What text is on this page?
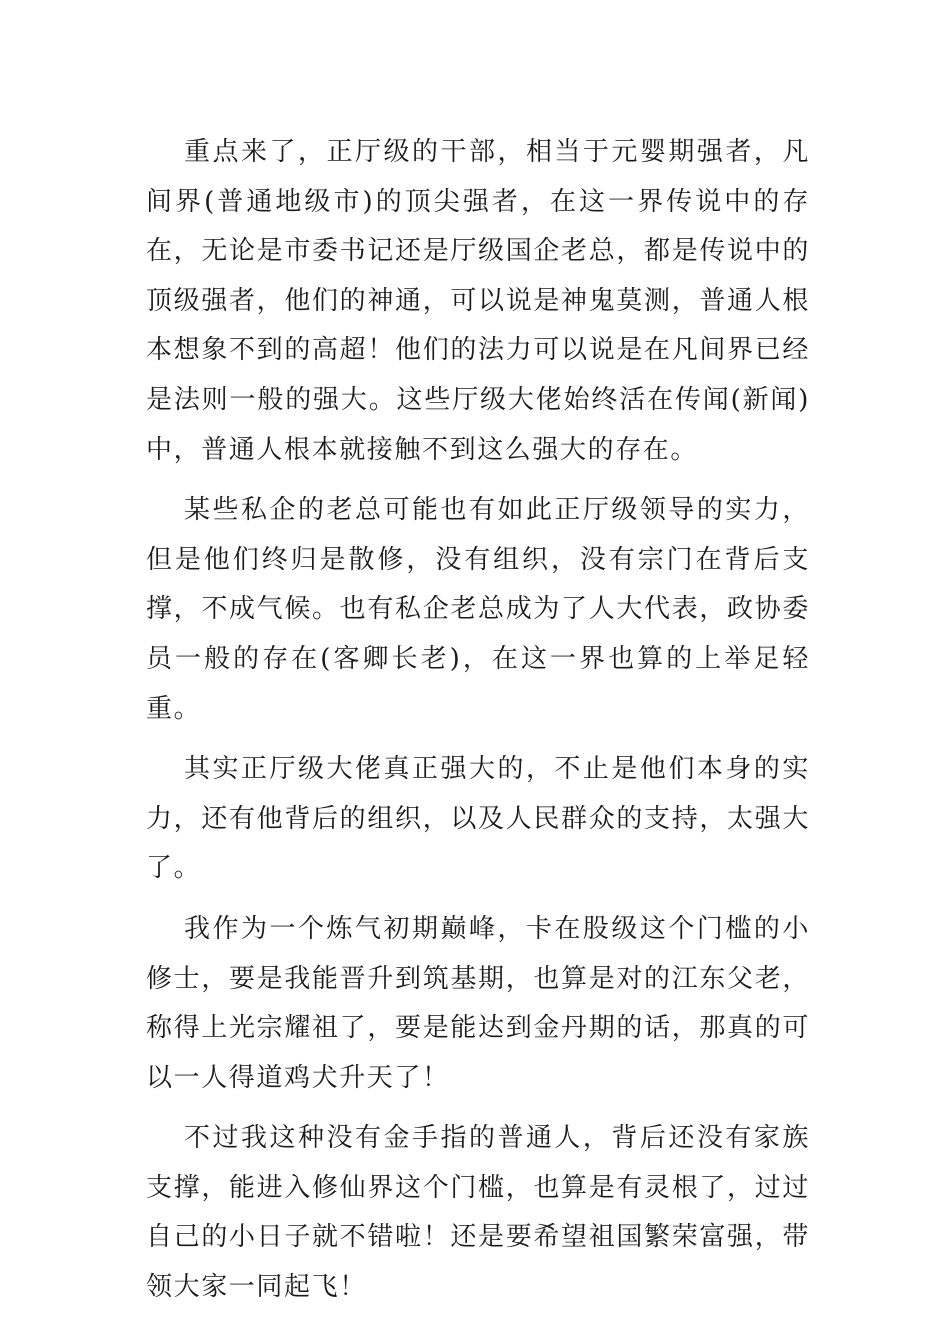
重点来了，正厅级的干部，相当于元婴期强者，凡间界(普通地级市)的顶尖强者，在这一界传说中的存在，无论是市委书记还是厅级国企老总，都是传说中的顶级强者，他们的神通，可以说是神鬼莫测，普通人根本想象不到的高超！他们的法力可以说是在凡间界已经是法则一般的强大。这些厅级大佬始终活在传闻(新闻)中，普通人根本就接触不到这么强大的存在。

某些私企的老总可能也有如此正厅级领导的实力，但是他们终归是散修，没有组织，没有宗门在背后支撑，不成气候。也有私企老总成为了人大代表，政协委员一般的存在(客卿长老)，在这一界也算的上举足轻重。

其实正厅级大佬真正强大的，不止是他们本身的实力，还有他背后的组织，以及人民群众的支持，太强大了。

我作为一个炼气初期巅峰，卡在股级这个门槛的小修士，要是我能晋升到筑基期，也算是对的江东父老，称得上光宗耀祖了，要是能达到金丹期的话，那真的可以一人得道鸡犬升天了！

不过我这种没有金手指的普通人，背后还没有家族支撑，能进入修仙界这个门槛，也算是有灵根了，过过自己的小日子就不错啦！还是要希望祖国繁荣富强，带领大家一同起飞！
